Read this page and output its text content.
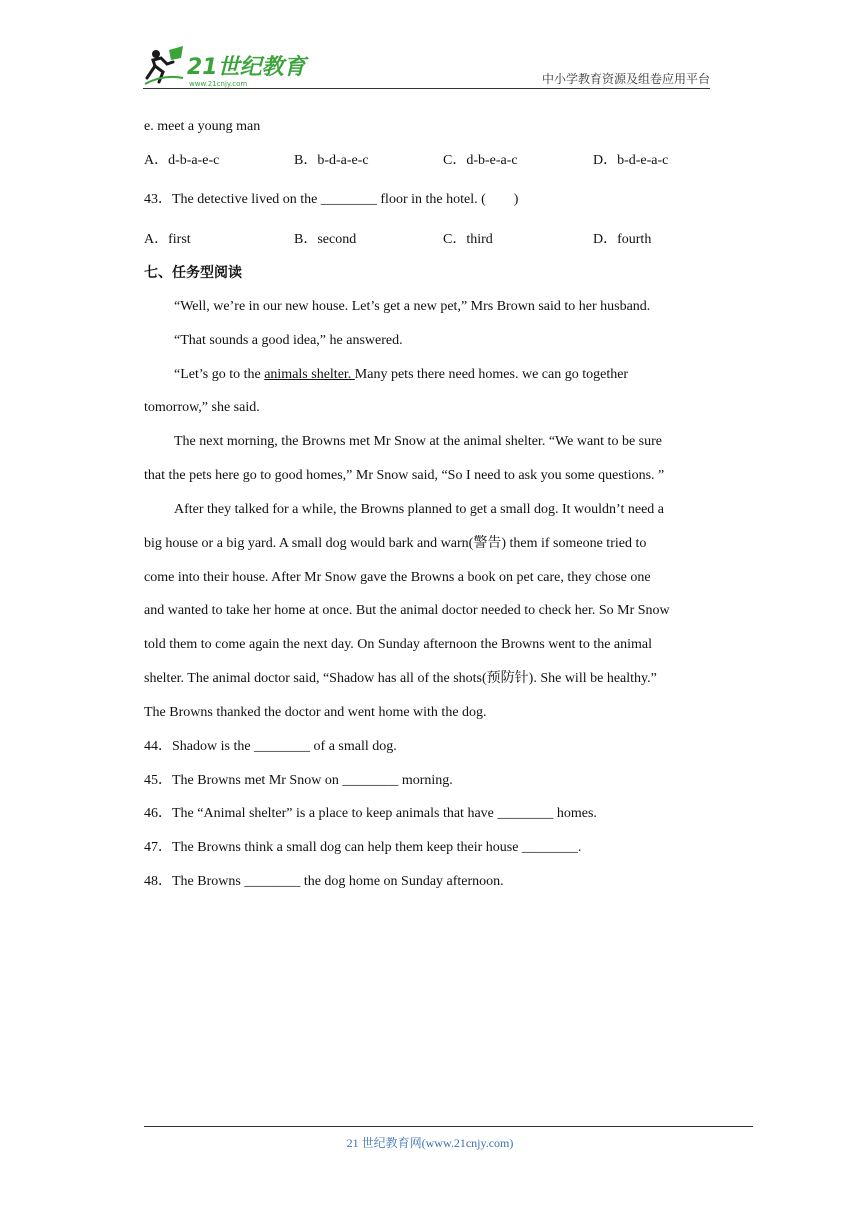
21世纪教育
www.21cnjy.com	中小学教育资源及组卷应用平台
e. meet a young man
A．d-b-a-e-c	B．b-d-a-e-c	C．d-b-e-a-c	D．b-d-e-a-c
43．The detective lived on the ________ floor in the hotel. (　　)
A．first	B．second	C．third	D．fourth
七、任务型阅读
“Well, we’re in our new house. Let’s get a new pet,” Mrs Brown said to her husband.
“That sounds a good idea,” he answered.
“Let’s go to the animals shelter. Many pets there need homes. we can go together
tomorrow,” she said.
The next morning, the Browns met Mr Snow at the animal shelter. “We want to be sure
that the pets here go to good homes,” Mr Snow said, “So I need to ask you some questions. ”
After they talked for a while, the Browns planned to get a small dog. It wouldn’t need a
big house or a big yard. A small dog would bark and warn(警告) them if someone tried to
come into their house. After Mr Snow gave the Browns a book on pet care, they chose one
and wanted to take her home at once. But the animal doctor needed to check her. So Mr Snow
told them to come again the next day. On Sunday afternoon the Browns went to the animal
shelter. The animal doctor said, “Shadow has all of the shots(预防针). She will be healthy.”
The Browns thanked the doctor and went home with the dog.
44．Shadow is the ________ of a small dog.
45．The Browns met Mr Snow on ________ morning.
46．The “Animal shelter” is a place to keep animals that have ________ homes.
47．The Browns think a small dog can help them keep their house ________.
48．The Browns ________ the dog home on Sunday afternoon.
21 世纪教育网(www.21cnjy.com)
